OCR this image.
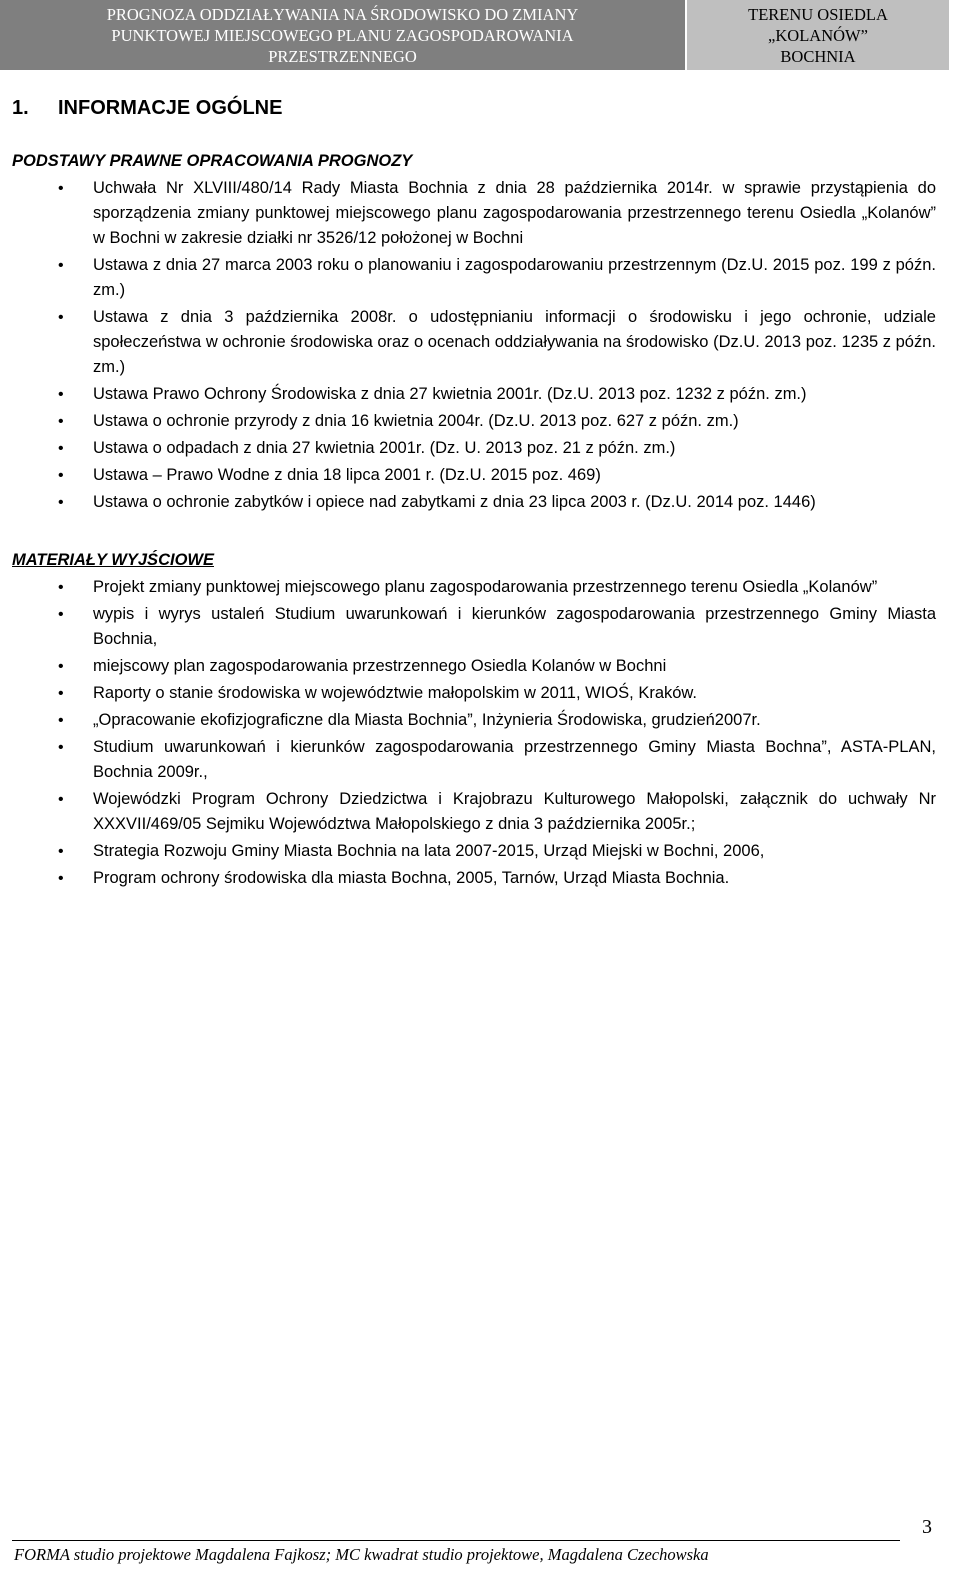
PROGNOZA ODDZIAŁYWANIA NA ŚRODOWISKO DO ZMIANY
PUNKTOWEJ MIEJSCOWEGO PLANU ZAGOSPODAROWANIA
PRZESTRZENNEGO
TERENU OSIEDLA
„KOLANÓW”
BOCHNIA
1. INFORMACJE OGÓLNE
PODSTAWY PRAWNE OPRACOWANIA PROGNOZY
• Uchwała Nr XLVIII/480/14 Rady Miasta Bochnia z dnia 28 października 2014r. w sprawie przystąpienia do sporządzenia zmiany punktowej miejscowego planu zagospodarowania przestrzennego terenu Osiedla „Kolanów” w Bochni w zakresie działki nr 3526/12 położonej w Bochni
• Ustawa z dnia 27 marca 2003 roku o planowaniu i zagospodarowaniu przestrzennym (Dz.U. 2015 poz. 199 z późn. zm.)
• Ustawa z dnia 3 października 2008r. o udostępnianiu informacji o środowisku i jego ochronie, udziale społeczeństwa w ochronie środowiska oraz o ocenach oddziaływania na środowisko (Dz.U. 2013 poz. 1235 z późn. zm.)
• Ustawa Prawo Ochrony Środowiska z dnia 27 kwietnia 2001r. (Dz.U. 2013 poz. 1232 z późn. zm.)
• Ustawa o ochronie przyrody z dnia 16 kwietnia 2004r. (Dz.U. 2013 poz. 627 z późn. zm.)
• Ustawa o odpadach z dnia 27 kwietnia 2001r. (Dz. U. 2013 poz. 21 z późn. zm.)
• Ustawa – Prawo Wodne z dnia 18 lipca 2001 r. (Dz.U. 2015 poz. 469)
• Ustawa o ochronie zabytków i opiece nad zabytkami z dnia 23 lipca 2003 r. (Dz.U. 2014 poz. 1446)
MATERIAŁY WYJŚCIOWE
• Projekt zmiany punktowej miejscowego planu zagospodarowania przestrzennego terenu Osiedla „Kolanów”
• wypis i wyrys ustaleń Studium uwarunkowań i kierunków zagospodarowania przestrzennego Gminy Miasta Bochnia,
• miejscowy plan zagospodarowania przestrzennego Osiedla Kolanów w Bochni
• Raporty o stanie środowiska w województwie małopolskim w 2011, WIOŚ, Kraków.
• „Opracowanie ekofizjograficzne dla Miasta Bochnia”, Inżynieria Środowiska, grudzień2007r.
• Studium uwarunkowań i kierunków zagospodarowania przestrzennego Gminy Miasta Bochna”, ASTA-PLAN, Bochnia 2009r.,
• Wojewódzki Program Ochrony Dziedzictwa i Krajobrazu Kulturowego Małopolski, załącznik do uchwały Nr XXXVII/469/05 Sejmiku Województwa Małopolskiego z dnia 3 października 2005r.;
• Strategia Rozwoju Gminy Miasta Bochnia na lata 2007-2015, Urząd Miejski w Bochni, 2006,
• Program ochrony środowiska dla miasta Bochna, 2005, Tarnów, Urząd Miasta Bochnia.
3
FORMA studio projektowe Magdalena Fajkosz; MC kwadrat studio projektowe, Magdalena Czechowska
